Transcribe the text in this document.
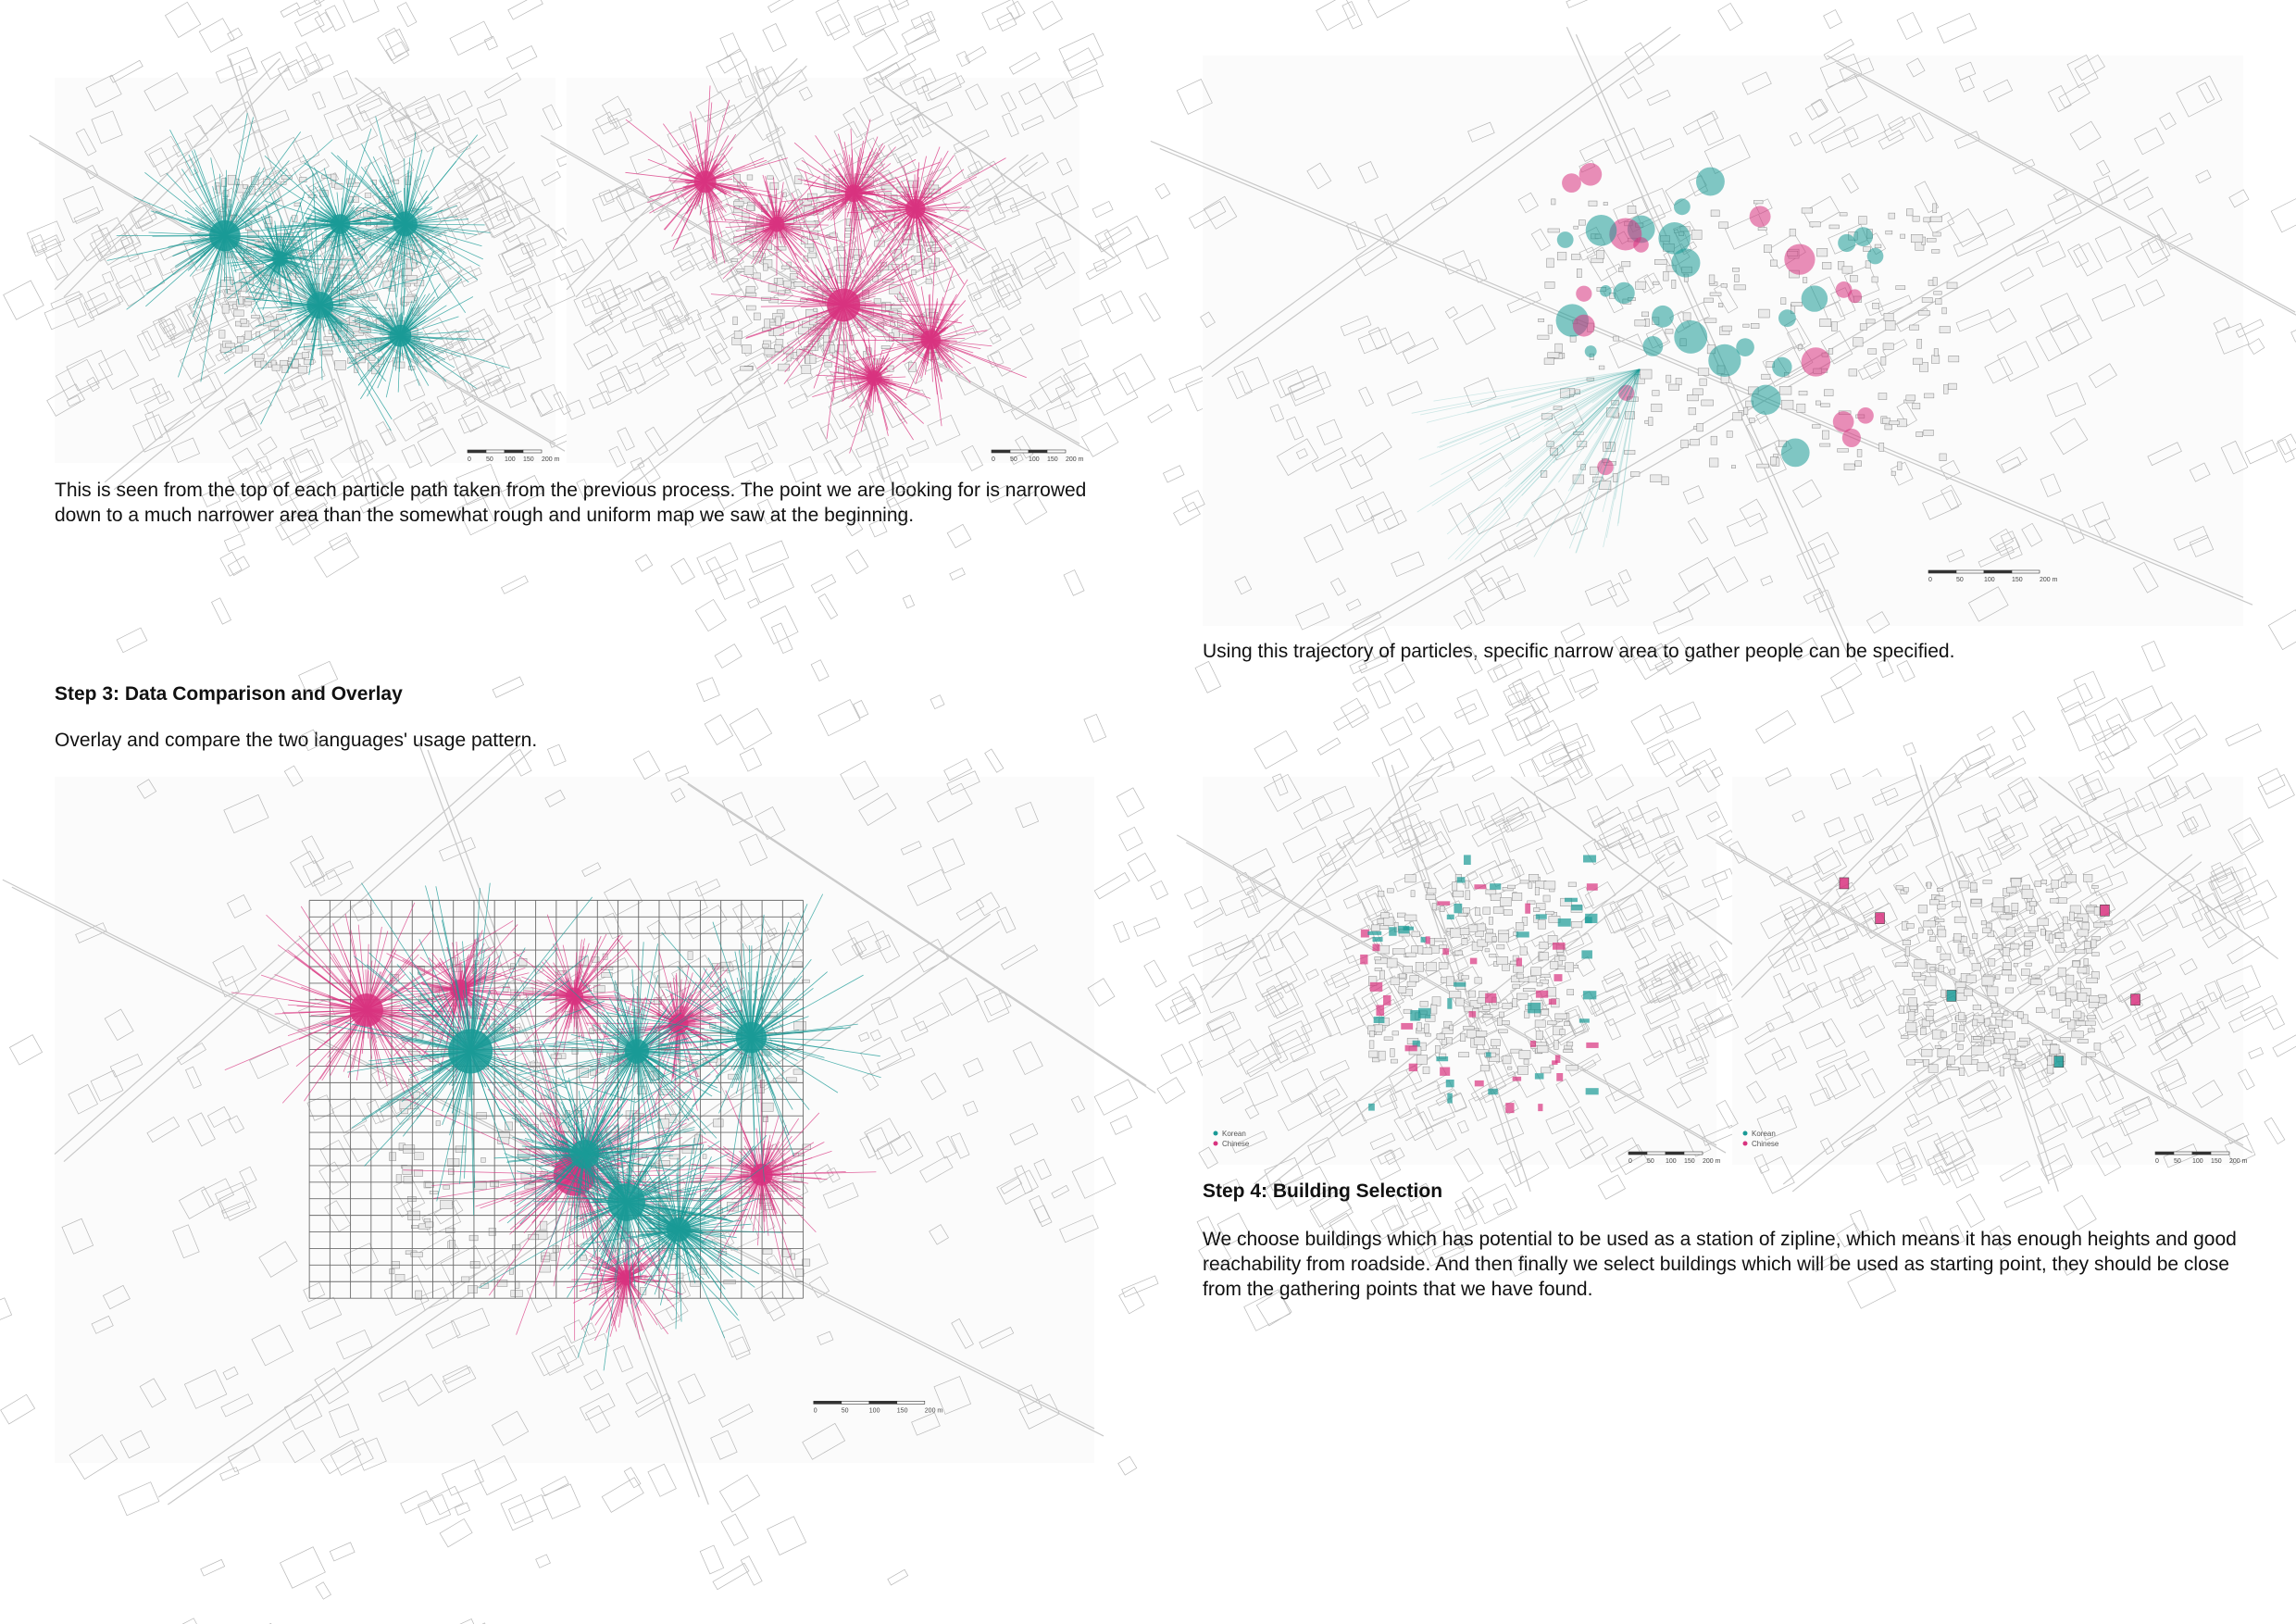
0 50 100 150 200 m	0 50 100 150 200 m
This is seen from the top of each particle path taken from the previous process. The point we are looking for is narrowed down to a much narrower area than the somewhat rough and uniform map we saw at the beginning.
0	50	100	150	200 m
Using this trajectory of particles, specific narrow area to gather people can be specified.
Step 3: Data Comparison and Overlay
Overlay and compare the two languages' usage pattern.
0	50	100	150	200 m
Korean
Chinese
0 50 100 150 200 m
Korean
Chinese
0 50 100 150 200 m
Step 4: Building Selection
We choose buildings which has potential to be used as a station of zipline, which means it has enough heights and good reachability from roadside. And then finally we select buildings which will be used as starting point, they should be close from the gathering points that we have found.
